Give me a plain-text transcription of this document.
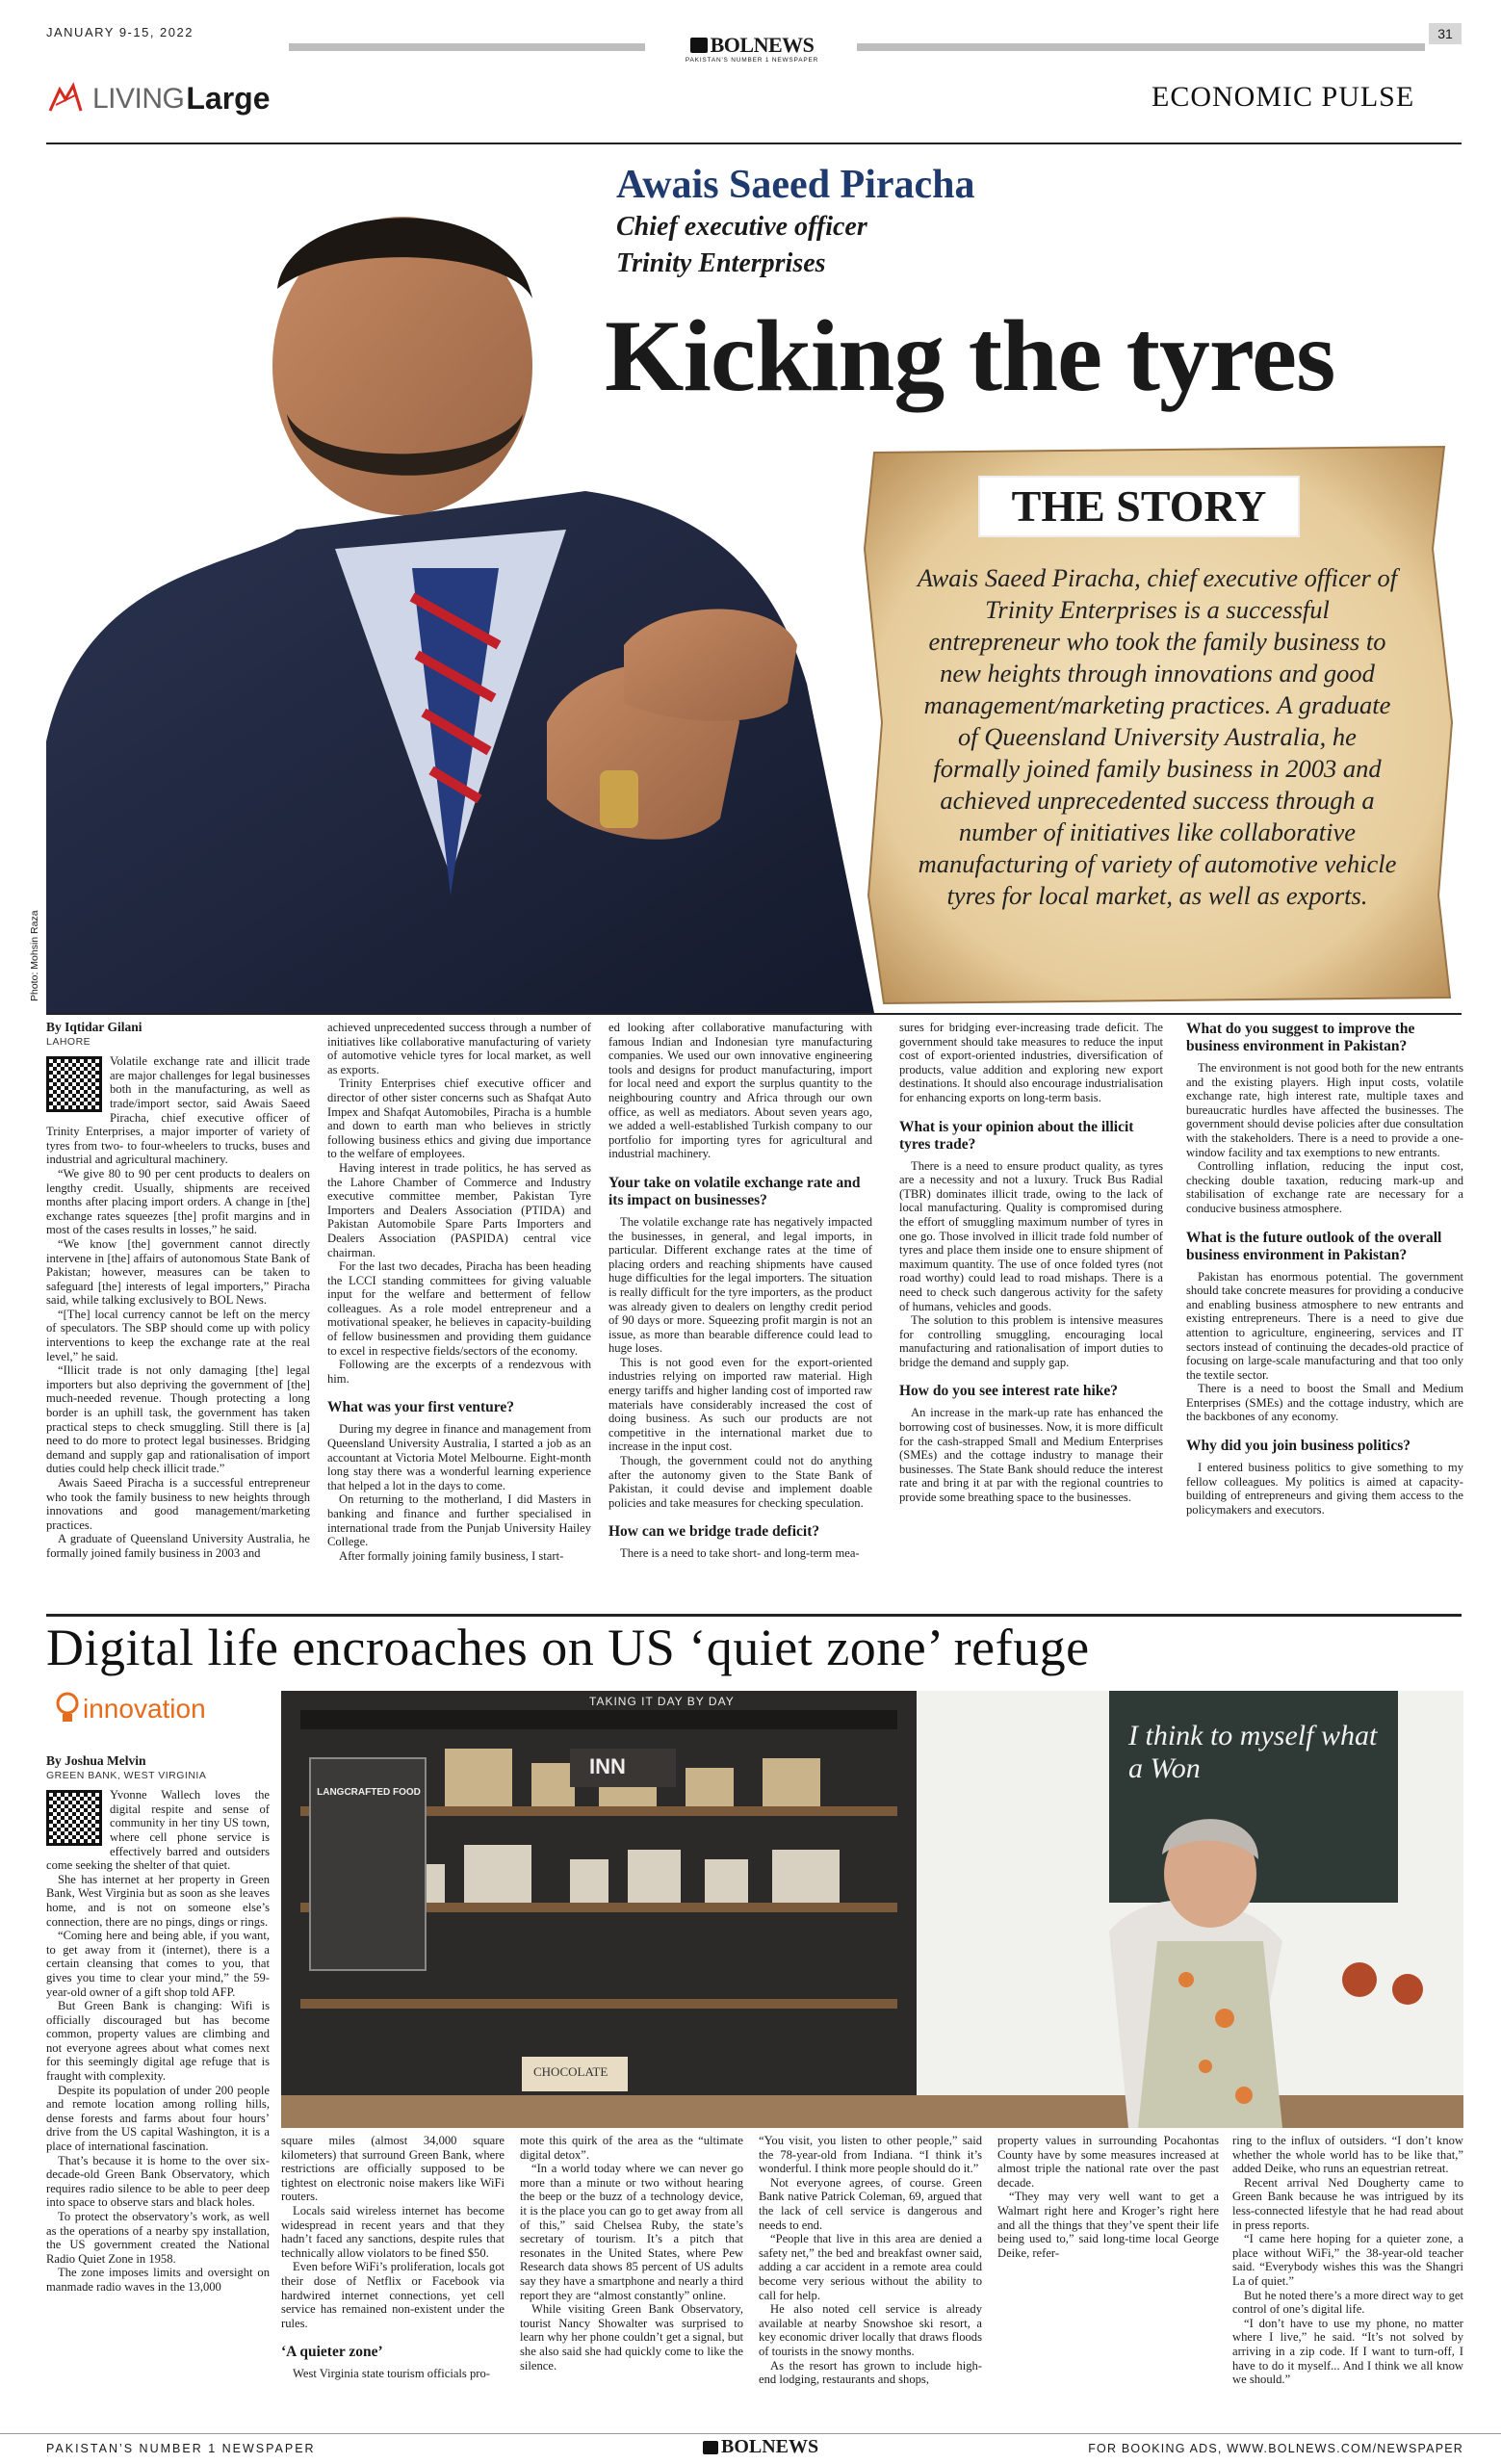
JANUARY 9-15, 2022
BOLNEWS
PAKISTAN'S NUMBER 1 NEWSPAPER
31
LIVING Large	ECONOMIC PULSE
Photo: Mohsin Raza
Awais Saeed Piracha
Chief executive officer
Trinity Enterprises
Kicking the tyres
THE STORY
Awais Saeed Piracha, chief executive officer of Trinity Enterprises is a successful entrepreneur who took the family business to new heights through innovations and good management/marketing practices. A graduate of Queensland University Australia, he formally joined family business in 2003 and achieved unprecedented success through a number of initiatives like collaborative manufacturing of variety of automotive vehicle tyres for local market, as well as exports.
By Iqtidar Gilani
LAHORE

Volatile exchange rate and illicit trade are major challenges for legal businesses both in the manufacturing, as well as trade/import sector, said Awais Saeed Piracha, chief executive officer of Trinity Enterprises, a major importer of variety of tyres from two- to four-wheelers to trucks, buses and industrial and agricultural machinery.

“We give 80 to 90 per cent products to dealers on lengthy credit. Usually, shipments are received months after placing import orders. A change in [the] exchange rates squeezes [the] profit margins and in most of the cases results in losses,” he said.

“We know [the] government cannot directly intervene in [the] affairs of autonomous State Bank of Pakistan; however, measures can be taken to safeguard [the] interests of legal importers,” Piracha said, while talking exclusively to BOL News.

“[The] local currency cannot be left on the mercy of speculators. The SBP should come up with policy interventions to keep the exchange rate at the real level,” he said.

“Illicit trade is not only damaging [the] legal importers but also depriving the government of [the] much-needed revenue. Though protecting a long border is an uphill task, the government has taken practical steps to check smuggling. Still there is [a] need to do more to protect legal businesses. Bridging demand and supply gap and rationalisation of import duties could help check illicit trade.”

Awais Saeed Piracha is a successful entrepreneur who took the family business to new heights through innovations and good management/marketing practices.

A graduate of Queensland University Australia, he formally joined family business in 2003 and

achieved unprecedented success through a number of initiatives like collaborative manufacturing of variety of automotive vehicle tyres for local market, as well as exports.

Trinity Enterprises chief executive officer and director of other sister concerns such as Shafqat Auto Impex and Shafqat Automobiles, Piracha is a humble and down to earth man who believes in strictly following business ethics and giving due importance to the welfare of employees.

Having interest in trade politics, he has served as the Lahore Chamber of Commerce and Industry executive committee member, Pakistan Tyre Importers and Dealers Association (PTIDA) and Pakistan Automobile Spare Parts Importers and Dealers Association (PASPIDA) central vice chairman.

For the last two decades, Piracha has been heading the LCCI standing committees for giving valuable input for the welfare and betterment of fellow colleagues. As a role model entrepreneur and a motivational speaker, he believes in capacity-building of fellow businessmen and providing them guidance to excel in respective fields/sectors of the economy.

Following are the excerpts of a rendezvous with him.

What was your first venture?

During my degree in finance and management from Queensland University Australia, I started a job as an accountant at Victoria Motel Melbourne. Eight-month long stay there was a wonderful learning experience that helped a lot in the days to come.

On returning to the motherland, I did Masters in banking and finance and further specialised in international trade from the Punjab University Hailey College.

After formally joining family business, I start-

ed looking after collaborative manufacturing with famous Indian and Indonesian tyre manufacturing companies. We used our own innovative engineering tools and designs for product manufacturing, import for local need and export the surplus quantity to the neighbouring country and Africa through our own office, as well as mediators. About seven years ago, we added a well-established Turkish company to our portfolio for importing tyres for agricultural and industrial machinery.

Your take on volatile exchange rate and its impact on businesses?

The volatile exchange rate has negatively impacted the businesses, in general, and legal imports, in particular. Different exchange rates at the time of placing orders and reaching shipments have caused huge difficulties for the legal importers. The situation is really difficult for the tyre importers, as the product was already given to dealers on lengthy credit period of 90 days or more. Squeezing profit margin is not an issue, as more than bearable difference could lead to huge loses.

This is not good even for the export-oriented industries relying on imported raw material. High energy tariffs and higher landing cost of imported raw materials have considerably increased the cost of doing business. As such our products are not competitive in the international market due to increase in the input cost.

Though, the government could not do anything after the autonomy given to the State Bank of Pakistan, it could devise and implement doable policies and take measures for checking speculation.

How can we bridge trade deficit?

There is a need to take short- and long-term mea-

sures for bridging ever-increasing trade deficit. The government should take measures to reduce the input cost of export-oriented industries, diversification of products, value addition and exploring new export destinations. It should also encourage industrialisation for enhancing exports on long-term basis.

What is your opinion about the illicit tyres trade?

There is a need to ensure product quality, as tyres are a necessity and not a luxury. Truck Bus Radial (TBR) dominates illicit trade, owing to the lack of local manufacturing. Quality is compromised during the effort of smuggling maximum number of tyres in one go. Those involved in illicit trade fold number of tyres and place them inside one to ensure shipment of maximum quantity. The use of once folded tyres (not road worthy) could lead to road mishaps. There is a need to check such dangerous activity for the safety of humans, vehicles and goods.

The solution to this problem is intensive measures for controlling smuggling, encouraging local manufacturing and rationalisation of import duties to bridge the demand and supply gap.

How do you see interest rate hike?

An increase in the mark-up rate has enhanced the borrowing cost of businesses. Now, it is more difficult for the cash-strapped Small and Medium Enterprises (SMEs) and the cottage industry to manage their businesses. The State Bank should reduce the interest rate and bring it at par with the regional countries to provide some breathing space to the businesses.

What do you suggest to improve the business environment in Pakistan?

The environment is not good both for the new entrants and the existing players. High input costs, volatile exchange rate, high interest rate, multiple taxes and bureaucratic hurdles have affected the businesses. The government should devise policies after due consultation with the stakeholders. There is a need to provide a one-window facility and tax exemptions to new entrants.

Controlling inflation, reducing the input cost, checking double taxation, reducing mark-up and stabilisation of exchange rate are necessary for a conducive business atmosphere.

What is the future outlook of the overall business environment in Pakistan?

Pakistan has enormous potential. The government should take concrete measures for providing a conducive and enabling business atmosphere to new entrants and existing entrepreneurs. There is a need to give due attention to agriculture, engineering, services and IT sectors instead of continuing the decades-old practice of focusing on large-scale manufacturing and that too only the textile sector.

There is a need to boost the Small and Medium Enterprises (SMEs) and the cottage industry, which are the backbones of any economy.

Why did you join business politics?

I entered business politics to give something to my fellow colleagues. My politics is aimed at capacity-building of entrepreneurs and giving them access to the policymakers and executors.

Digital life encroaches on US ‘quiet zone’ refuge
innovation
LANGCRAFTED FOOD
INN
CHOCOLATE
I think to myself what a Won
TAKING IT DAY BY DAY
By Joshua Melvin
GREEN BANK, WEST VIRGINIA

Yvonne Wallech loves the digital respite and sense of community in her tiny US town, where cell phone service is effectively barred and outsiders come seeking the shelter of that quiet.

She has internet at her property in Green Bank, West Virginia but as soon as she leaves home, and is not on someone else’s connection, there are no pings, dings or rings.

“Coming here and being able, if you want, to get away from it (internet), there is a certain cleansing that comes to you, that gives you time to clear your mind,” the 59-year-old owner of a gift shop told AFP.

But Green Bank is changing: Wifi is officially discouraged but has become common, property values are climbing and not everyone agrees about what comes next for this seemingly digital age refuge that is fraught with complexity.

Despite its population of under 200 people and remote location among rolling hills, dense forests and farms about four hours’ drive from the US capital Washington, it is a place of international fascination.

That’s because it is home to the over six-decade-old Green Bank Observatory, which requires radio silence to be able to peer deep into space to observe stars and black holes.

To protect the observatory’s work, as well as the operations of a nearby spy installation, the US government created the National Radio Quiet Zone in 1958.

The zone imposes limits and oversight on manmade radio waves in the 13,000

square miles (almost 34,000 square kilometers) that surround Green Bank, where restrictions are officially supposed to be tightest on electronic noise makers like WiFi routers.

Locals said wireless internet has become widespread in recent years and that they hadn’t faced any sanctions, despite rules that technically allow violators to be fined $50.

Even before WiFi’s proliferation, locals got their dose of Netflix or Facebook via hardwired internet connections, yet cell service has remained non-existent under the rules.

‘A quieter zone’

West Virginia state tourism officials pro-

mote this quirk of the area as the “ultimate digital detox”.

“In a world today where we can never go more than a minute or two without hearing the beep or the buzz of a technology device, it is the place you can go to get away from all of this,” said Chelsea Ruby, the state’s secretary of tourism. It’s a pitch that resonates in the United States, where Pew Research data shows 85 percent of US adults say they have a smartphone and nearly a third report they are “almost constantly” online.

While visiting Green Bank Observatory, tourist Nancy Showalter was surprised to learn why her phone couldn’t get a signal, but she also said she had quickly come to like the silence.

“You visit, you listen to other people,” said the 78-year-old from Indiana. “I think it’s wonderful. I think more people should do it.”

Not everyone agrees, of course. Green Bank native Patrick Coleman, 69, argued that the lack of cell service is dangerous and needs to end.

“People that live in this area are denied a safety net,” the bed and breakfast owner said, adding a car accident in a remote area could become very serious without the ability to call for help.

He also noted cell service is already available at nearby Snowshoe ski resort, a key economic driver locally that draws floods of tourists in the snowy months.

As the resort has grown to include high-end lodging, restaurants and shops,

property values in surrounding Pocahontas County have by some measures increased at almost triple the national rate over the past decade.

“They may very well want to get a Walmart right here and Kroger’s right here and all the things that they’ve spent their life being used to,” said long-time local George Deike, refer-

ring to the influx of outsiders. “I don’t know whether the whole world has to be like that,” added Deike, who runs an equestrian retreat.

Recent arrival Ned Dougherty came to Green Bank because he was intrigued by its less-connected lifestyle that he had read about in press reports.

“I came here hoping for a quieter zone, a place without WiFi,” the 38-year-old teacher said. “Everybody wishes this was the Shangri La of quiet.”

But he noted there’s a more direct way to get control of one’s digital life.

“I don’t have to use my phone, no matter where I live,” he said. “It’s not solved by arriving in a zip code. If I want to turn-off, I have to do it myself... And I think we all know we should.”

PAKISTAN’S NUMBER 1 NEWSPAPER	BOLNEWS	FOR BOOKING ADS, WWW.BOLNEWS.COM/NEWSPAPER
